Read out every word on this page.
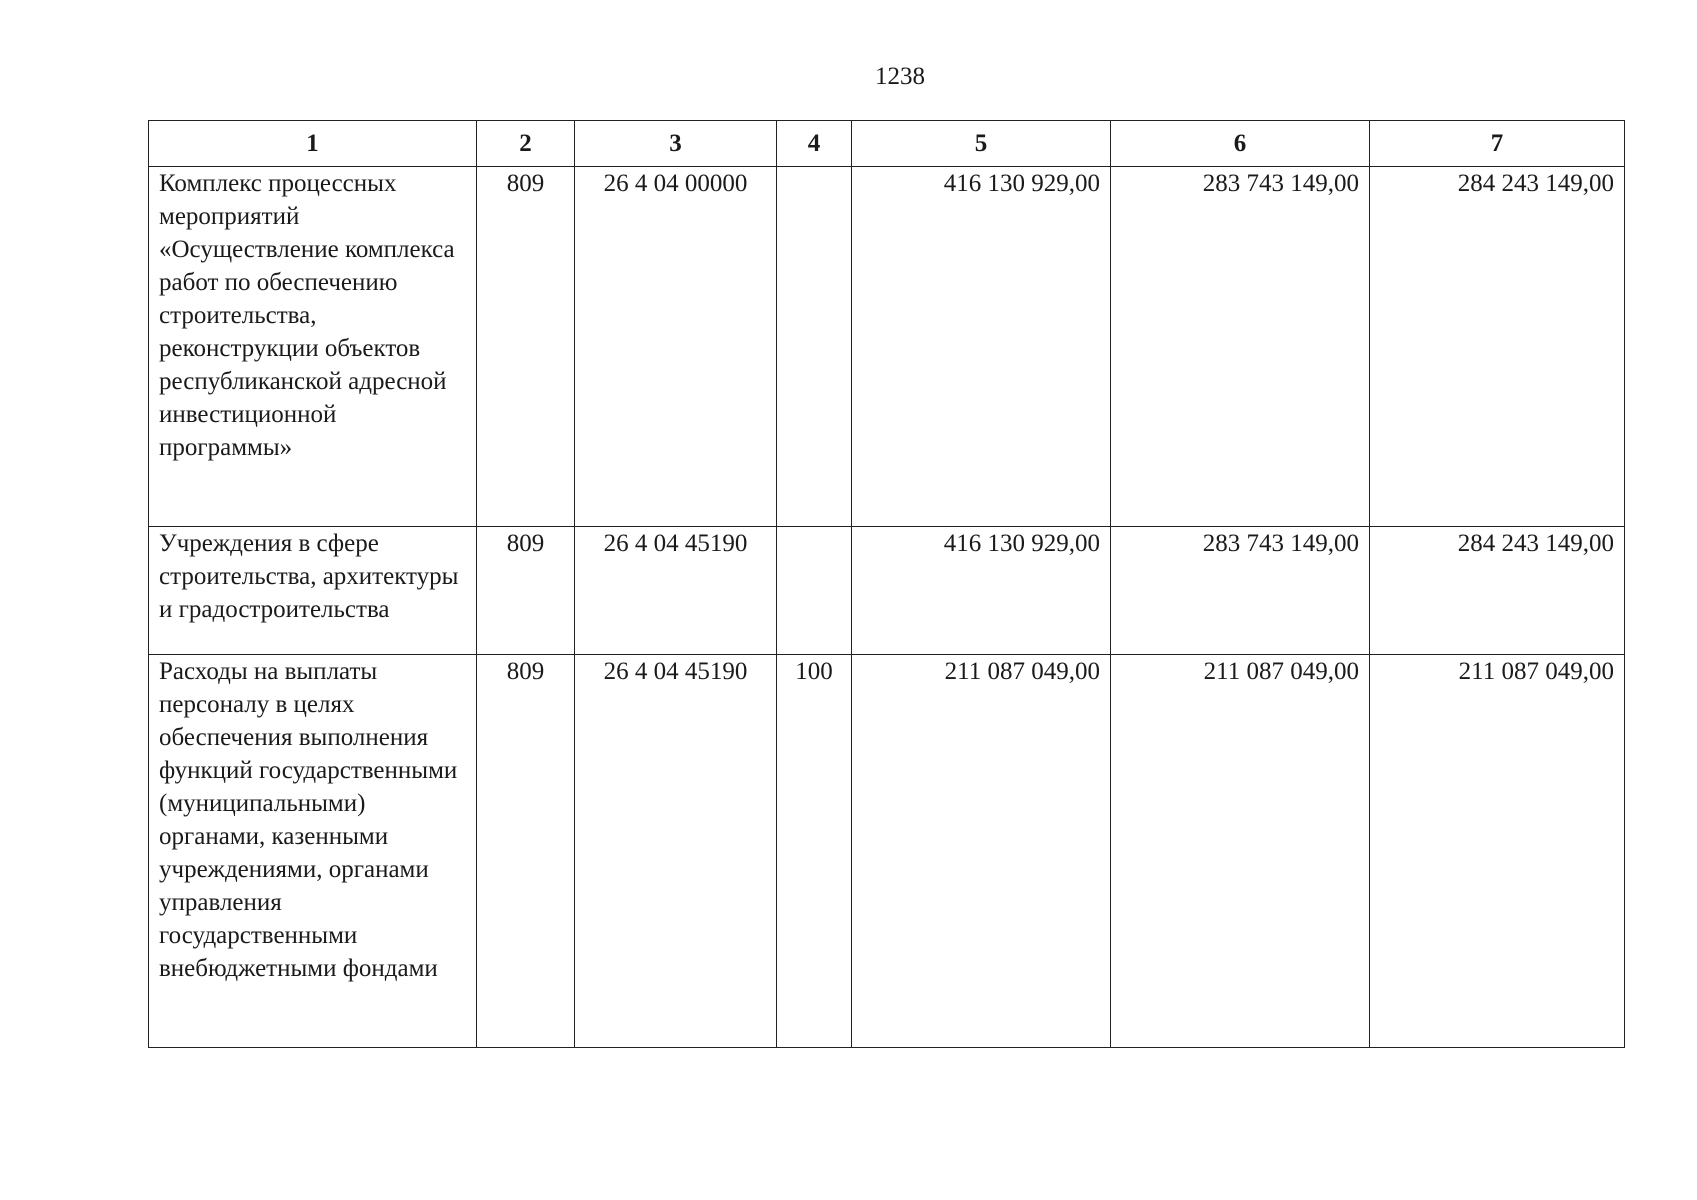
1238
1	2	3	4	5	6	7
Комплекс процессных мероприятий «Осуществление комплекса работ по обеспечению строительства, реконструкции объектов республиканской адресной инвестиционной программы»	809	26 4 04 00000		416 130 929,00	283 743 149,00	284 243 149,00
Учреждения в сфере строительства, архитектуры и градостроительства	809	26 4 04 45190		416 130 929,00	283 743 149,00	284 243 149,00
Расходы на выплаты персоналу в целях обеспечения выполнения функций государственными (муниципальными) органами, казенными учреждениями, органами управления государственными внебюджетными фондами	809	26 4 04 45190	100	211 087 049,00	211 087 049,00	211 087 049,00
